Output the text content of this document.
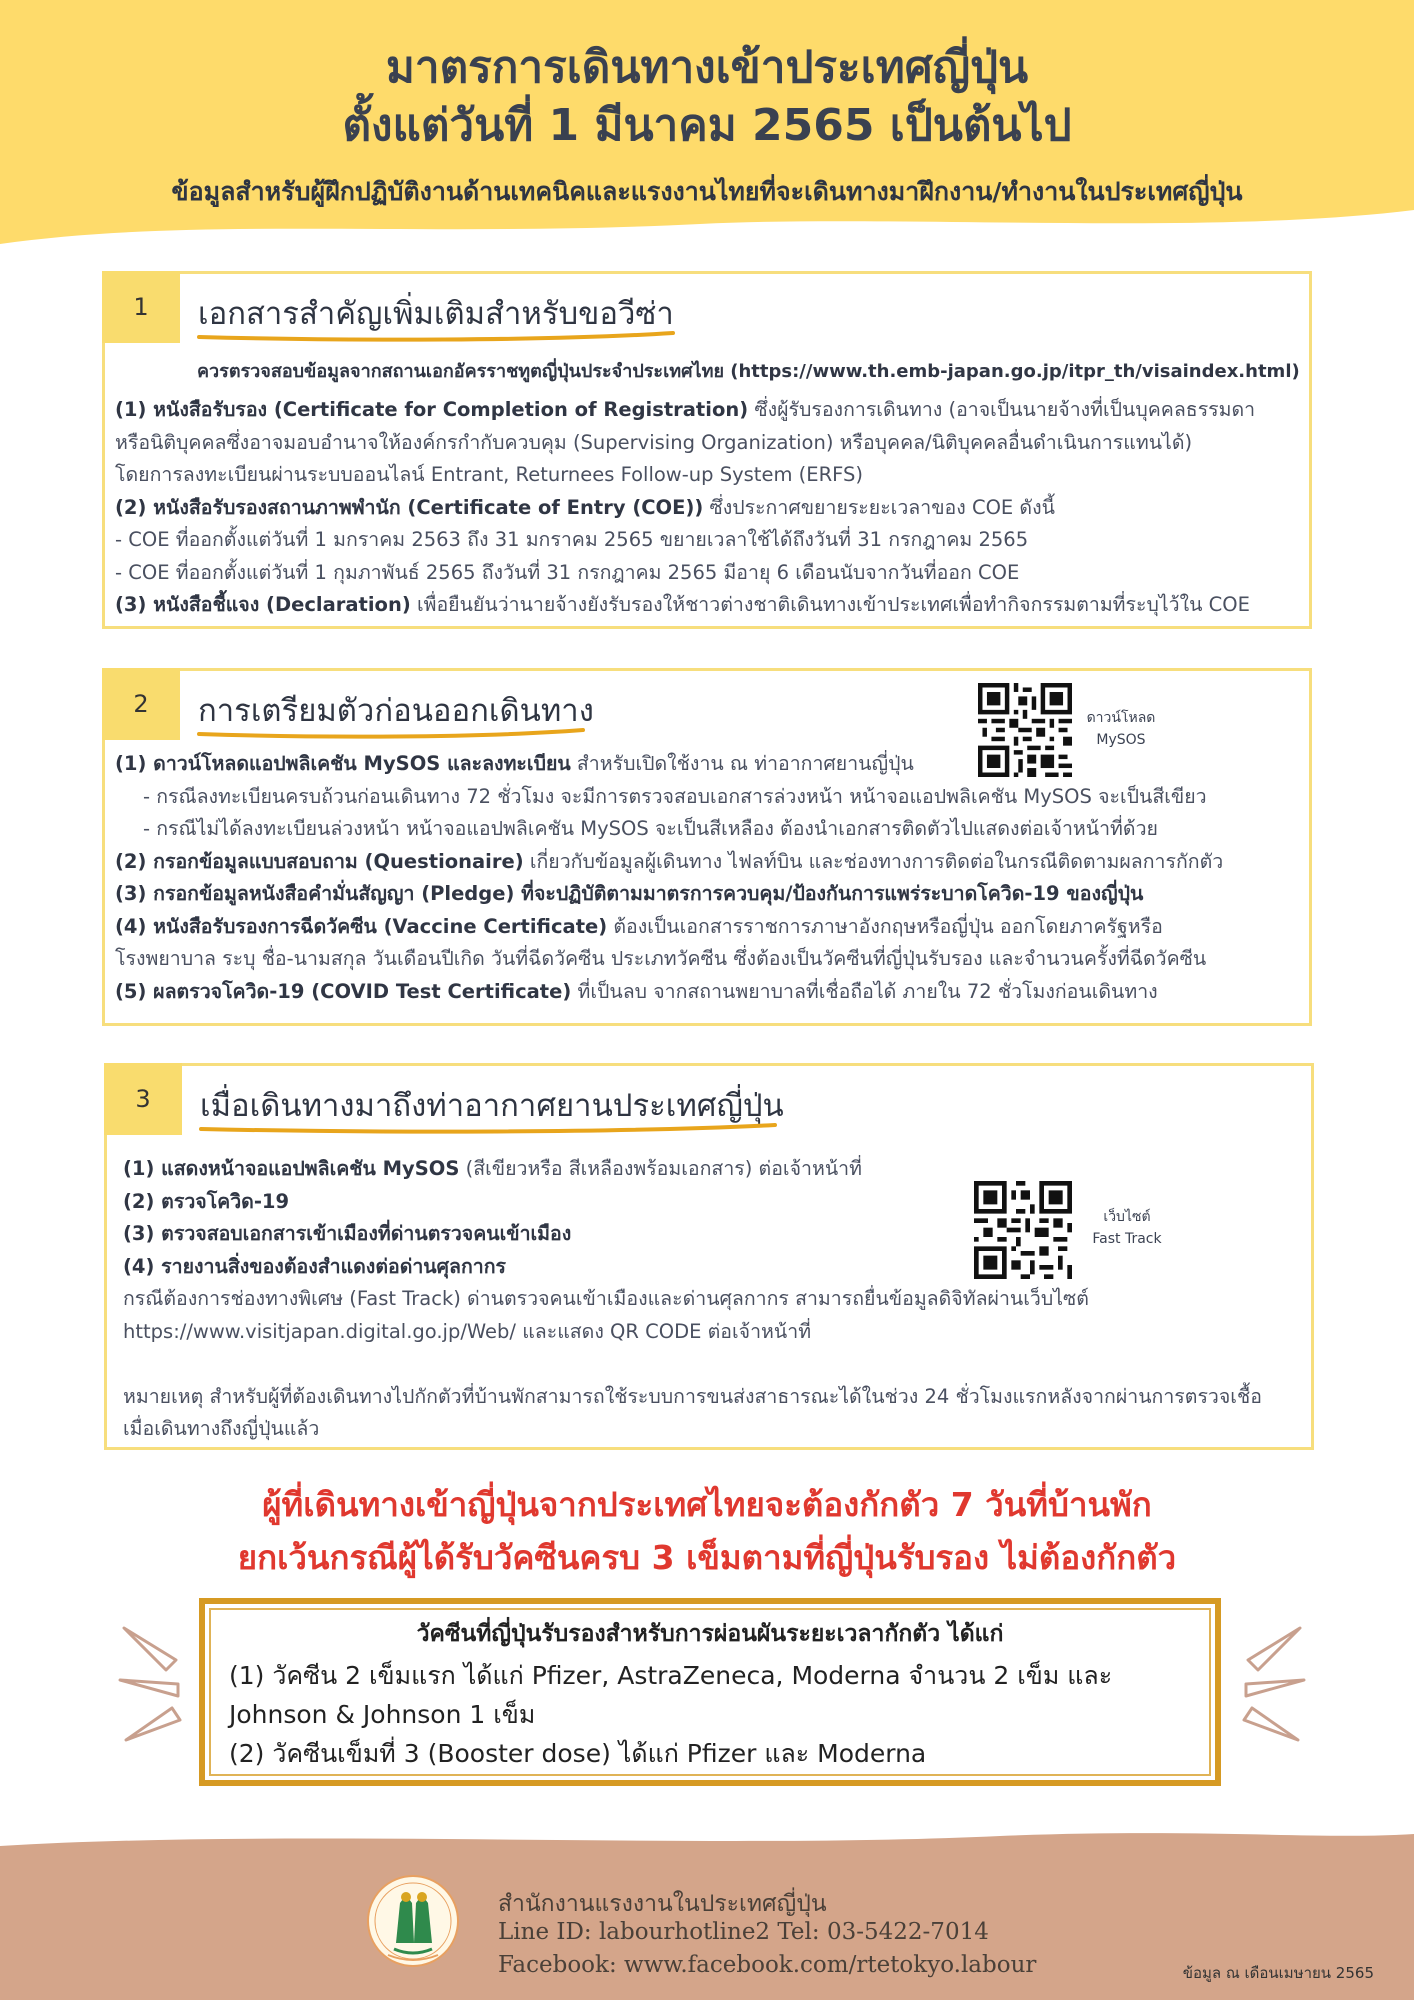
มาตรการเดินทางเข้าประเทศญี่ปุ่น
ตั้งแต่วันที่ 1 มีนาคม 2565 เป็นต้นไป
ข้อมูลสำหรับผู้ฝึกปฏิบัติงานด้านเทคนิคและแรงงานไทยที่จะเดินทางมาฝึกงาน/ทำงานในประเทศญี่ปุ่น
1	เอกสารสำคัญเพิ่มเติมสำหรับขอวีซ่า
ควรตรวจสอบข้อมูลจากสถานเอกอัครราชทูตญี่ปุ่นประจำประเทศไทย (https://www.th.emb-japan.go.jp/itpr_th/visaindex.html)
(1) หนังสือรับรอง (Certificate for Completion of Registration) ซึ่งผู้รับรองการเดินทาง (อาจเป็นนายจ้างที่เป็นบุคคลธรรมดา
หรือนิติบุคคลซึ่งอาจมอบอำนาจให้องค์กรกำกับควบคุม (Supervising Organization) หรือบุคคล/นิติบุคคลอื่นดำเนินการแทนได้)
โดยการลงทะเบียนผ่านระบบออนไลน์ Entrant, Returnees Follow-up System (ERFS)
(2) หนังสือรับรองสถานภาพพำนัก (Certificate of Entry (COE)) ซึ่งประกาศขยายระยะเวลาของ COE ดังนี้
- COE ที่ออกตั้งแต่วันที่ 1 มกราคม 2563 ถึง 31 มกราคม 2565 ขยายเวลาใช้ได้ถึงวันที่ 31 กรกฎาคม 2565
- COE ที่ออกตั้งแต่วันที่ 1 กุมภาพันธ์ 2565 ถึงวันที่ 31 กรกฎาคม 2565 มีอายุ 6 เดือนนับจากวันที่ออก COE
(3) หนังสือชี้แจง (Declaration) เพื่อยืนยันว่านายจ้างยังรับรองให้ชาวต่างชาติเดินทางเข้าประเทศเพื่อทำกิจกรรมตามที่ระบุไว้ใน COE
2	การเตรียมตัวก่อนออกเดินทาง	ดาวน์โหลด
MySOS
(1) ดาวน์โหลดแอปพลิเคชัน MySOS และลงทะเบียน สำหรับเปิดใช้งาน ณ ท่าอากาศยานญี่ปุ่น
- กรณีลงทะเบียนครบถ้วนก่อนเดินทาง 72 ชั่วโมง จะมีการตรวจสอบเอกสารล่วงหน้า หน้าจอแอปพลิเคชัน MySOS จะเป็นสีเขียว
- กรณีไม่ได้ลงทะเบียนล่วงหน้า หน้าจอแอปพลิเคชัน MySOS จะเป็นสีเหลือง ต้องนำเอกสารติดตัวไปแสดงต่อเจ้าหน้าที่ด้วย
(2) กรอกข้อมูลแบบสอบถาม (Questionaire) เกี่ยวกับข้อมูลผู้เดินทาง ไฟลท์บิน และช่องทางการติดต่อในกรณีติดตามผลการกักตัว
(3) กรอกข้อมูลหนังสือคำมั่นสัญญา (Pledge) ที่จะปฏิบัติตามมาตรการควบคุม/ป้องกันการแพร่ระบาดโควิด-19 ของญี่ปุ่น
(4) หนังสือรับรองการฉีดวัคซีน (Vaccine Certificate) ต้องเป็นเอกสารราชการภาษาอังกฤษหรือญี่ปุ่น ออกโดยภาครัฐหรือ
โรงพยาบาล ระบุ ชื่อ-นามสกุล วันเดือนปีเกิด วันที่ฉีดวัคซีน ประเภทวัคซีน ซึ่งต้องเป็นวัคซีนที่ญี่ปุ่นรับรอง และจำนวนครั้งที่ฉีดวัคซีน
(5) ผลตรวจโควิด-19 (COVID Test Certificate) ที่เป็นลบ จากสถานพยาบาลที่เชื่อถือได้ ภายใน 72 ชั่วโมงก่อนเดินทาง
3	เมื่อเดินทางมาถึงท่าอากาศยานประเทศญี่ปุ่น
เว็บไซต์
Fast Track
(1) แสดงหน้าจอแอปพลิเคชัน MySOS (สีเขียวหรือ สีเหลืองพร้อมเอกสาร) ต่อเจ้าหน้าที่
(2) ตรวจโควิด-19
(3) ตรวจสอบเอกสารเข้าเมืองที่ด่านตรวจคนเข้าเมือง
(4) รายงานสิ่งของต้องสำแดงต่อด่านศุลกากร
กรณีต้องการช่องทางพิเศษ (Fast Track) ด่านตรวจคนเข้าเมืองและด่านศุลกากร สามารถยื่นข้อมูลดิจิทัลผ่านเว็บไซต์
https://www.visitjapan.digital.go.jp/Web/ และแสดง QR CODE ต่อเจ้าหน้าที่

หมายเหตุ สำหรับผู้ที่ต้องเดินทางไปกักตัวที่บ้านพักสามารถใช้ระบบการขนส่งสาธารณะได้ในช่วง 24 ชั่วโมงแรกหลังจากผ่านการตรวจเชื้อ
เมื่อเดินทางถึงญี่ปุ่นแล้ว
ผู้ที่เดินทางเข้าญี่ปุ่นจากประเทศไทยจะต้องกักตัว 7 วันที่บ้านพัก
ยกเว้นกรณีผู้ได้รับวัคซีนครบ 3 เข็มตามที่ญี่ปุ่นรับรอง ไม่ต้องกักตัว
วัคซีนที่ญี่ปุ่นรับรองสำหรับการผ่อนผันระยะเวลากักตัว ได้แก่
(1) วัคซีน 2 เข็มแรก ได้แก่ Pfizer, AstraZeneca, Moderna จำนวน 2 เข็ม และ
Johnson & Johnson 1 เข็ม
(2) วัคซีนเข็มที่ 3 (Booster dose) ได้แก่ Pfizer และ Moderna
สำนักงานแรงงานในประเทศญี่ปุ่น
Line ID: labourhotline2 Tel: 03-5422-7014
Facebook: www.facebook.com/rtetokyo.labour	ข้อมูล ณ เดือนเมษายน 2565
